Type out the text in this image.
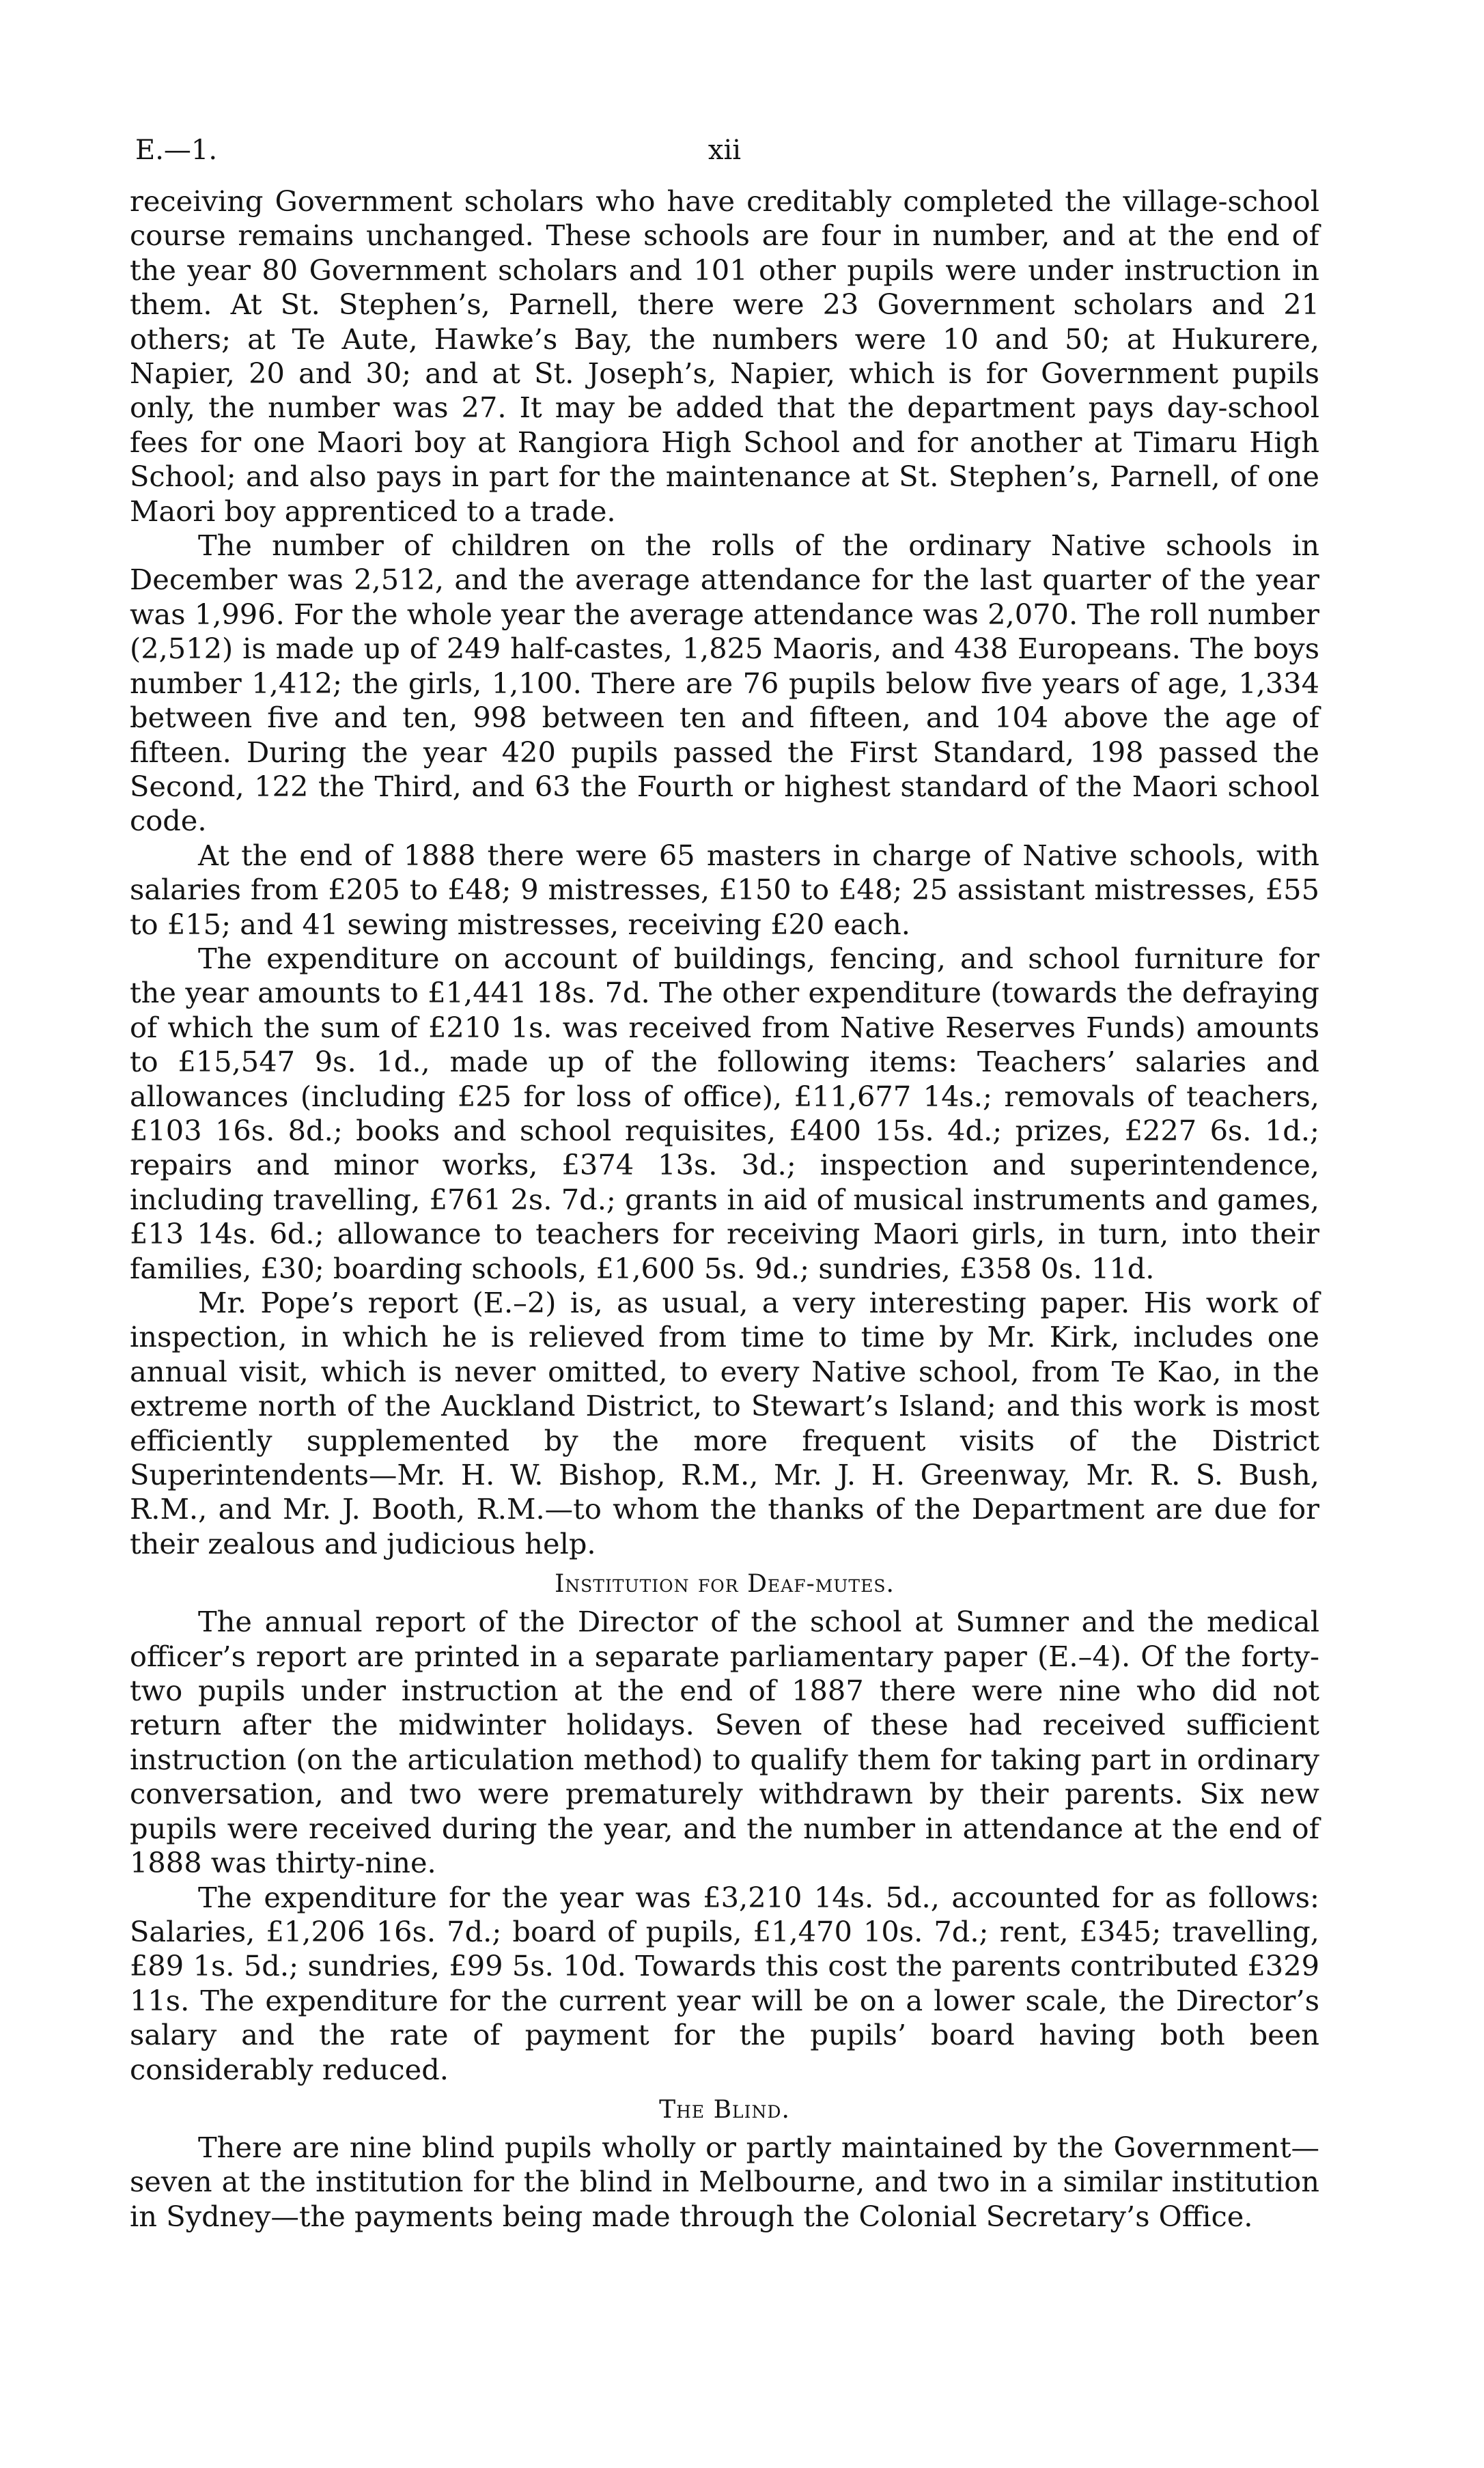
E.—1.	xii

receiving Government scholars who have creditably completed the village-school course remains unchanged. These schools are four in number, and at the end of the year 80 Government scholars and 101 other pupils were under instruction in them. At St. Stephen’s, Parnell, there were 23 Government scholars and 21 others; at Te Aute, Hawke’s Bay, the numbers were 10 and 50; at Hukurere, Napier, 20 and 30; and at St. Joseph’s, Napier, which is for Government pupils only, the number was 27. It may be added that the department pays day-school fees for one Maori boy at Rangiora High School and for another at Timaru High School; and also pays in part for the maintenance at St. Stephen’s, Parnell, of one Maori boy apprenticed to a trade.

The number of children on the rolls of the ordinary Native schools in December was 2,512, and the average attendance for the last quarter of the year was 1,996. For the whole year the average attendance was 2,070. The roll number (2,512) is made up of 249 half-castes, 1,825 Maoris, and 438 Europeans. The boys number 1,412; the girls, 1,100. There are 76 pupils below five years of age, 1,334 between five and ten, 998 between ten and fifteen, and 104 above the age of fifteen. During the year 420 pupils passed the First Standard, 198 passed the Second, 122 the Third, and 63 the Fourth or highest standard of the Maori school code.

At the end of 1888 there were 65 masters in charge of Native schools, with salaries from £205 to £48; 9 mistresses, £150 to £48; 25 assistant mistresses, £55 to £15; and 41 sewing mistresses, receiving £20 each.

The expenditure on account of buildings, fencing, and school furniture for the year amounts to £1,441 18s. 7d. The other expenditure (towards the defraying of which the sum of £210 1s. was received from Native Reserves Funds) amounts to £15,547 9s. 1d., made up of the following items: Teachers’ salaries and allowances (including £25 for loss of office), £11,677 14s.; removals of teachers, £103 16s. 8d.; books and school requisites, £400 15s. 4d.; prizes, £227 6s. 1d.; repairs and minor works, £374 13s. 3d.; inspection and superintendence, including travelling, £761 2s. 7d.; grants in aid of musical instruments and games, £13 14s. 6d.; allowance to teachers for receiving Maori girls, in turn, into their families, £30; boarding schools, £1,600 5s. 9d.; sundries, £358 0s. 11d.

Mr. Pope’s report (E.–2) is, as usual, a very interesting paper. His work of inspection, in which he is relieved from time to time by Mr. Kirk, includes one annual visit, which is never omitted, to every Native school, from Te Kao, in the extreme north of the Auckland District, to Stewart’s Island; and this work is most efficiently supplemented by the more frequent visits of the District Superintendents—Mr. H. W. Bishop, R.M., Mr. J. H. Greenway, Mr. R. S. Bush, R.M., and Mr. J. Booth, R.M.—to whom the thanks of the Department are due for their zealous and judicious help.

Institution for Deaf-mutes.

The annual report of the Director of the school at Sumner and the medical officer’s report are printed in a separate parliamentary paper (E.–4). Of the forty-two pupils under instruction at the end of 1887 there were nine who did not return after the midwinter holidays. Seven of these had received sufficient instruction (on the articulation method) to qualify them for taking part in ordinary conversation, and two were prematurely withdrawn by their parents. Six new pupils were received during the year, and the number in attendance at the end of 1888 was thirty-nine.

The expenditure for the year was £3,210 14s. 5d., accounted for as follows: Salaries, £1,206 16s. 7d.; board of pupils, £1,470 10s. 7d.; rent, £345; travelling, £89 1s. 5d.; sundries, £99 5s. 10d. Towards this cost the parents contributed £329 11s. The expenditure for the current year will be on a lower scale, the Director’s salary and the rate of payment for the pupils’ board having both been considerably reduced.

The Blind.

There are nine blind pupils wholly or partly maintained by the Government—seven at the institution for the blind in Melbourne, and two in a similar institution in Sydney—the payments being made through the Colonial Secretary’s Office.
